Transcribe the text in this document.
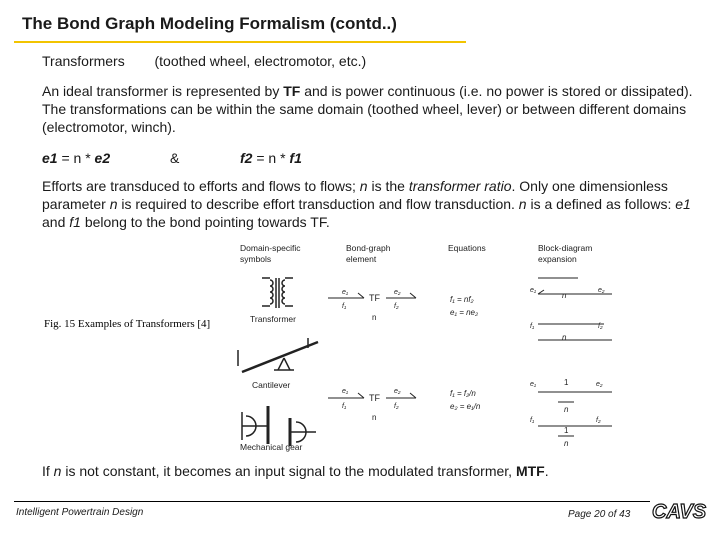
The Bond Graph Modeling Formalism (contd..)
Transformers (toothed wheel, electromotor, etc.)
An ideal transformer is represented by TF and is power continuous (i.e. no power is stored or dissipated). The transformations can be within the same domain (toothed wheel, lever) or between different domains (electromotor, winch).
e1 = n * e2	&	f2 = n * f1
Efforts are transduced to efforts and flows to flows; n is the transformer ratio. Only one dimensionless parameter n is required to describe effort transduction and flow transduction. n is a defined as follows: e1 and f1 belong to the bond pointing towards TF.
Fig. 15 Examples of Transformers [4]
Domain-specific
symbols
Bond-graph
element
Equations	Block-diagram
expansion
Transformer
e₁
f₁
TF
n
e₂
f₂
f₁ = nf₂
e₁ = ne₂
e₁
n
e₂
f₁
n
f₂
Cantilever
e₁
f₁
TF
n
e₂
f₂
f₁ = f₂/n
e₂ = e₁/n
e₁	1
n
e₂
f₁
1
n
f₂
Mechanical gear
If n is not constant, it becomes an input signal to the modulated transformer, MTF.
Intelligent Powertrain Design	Page 20 of 43 CAVS
